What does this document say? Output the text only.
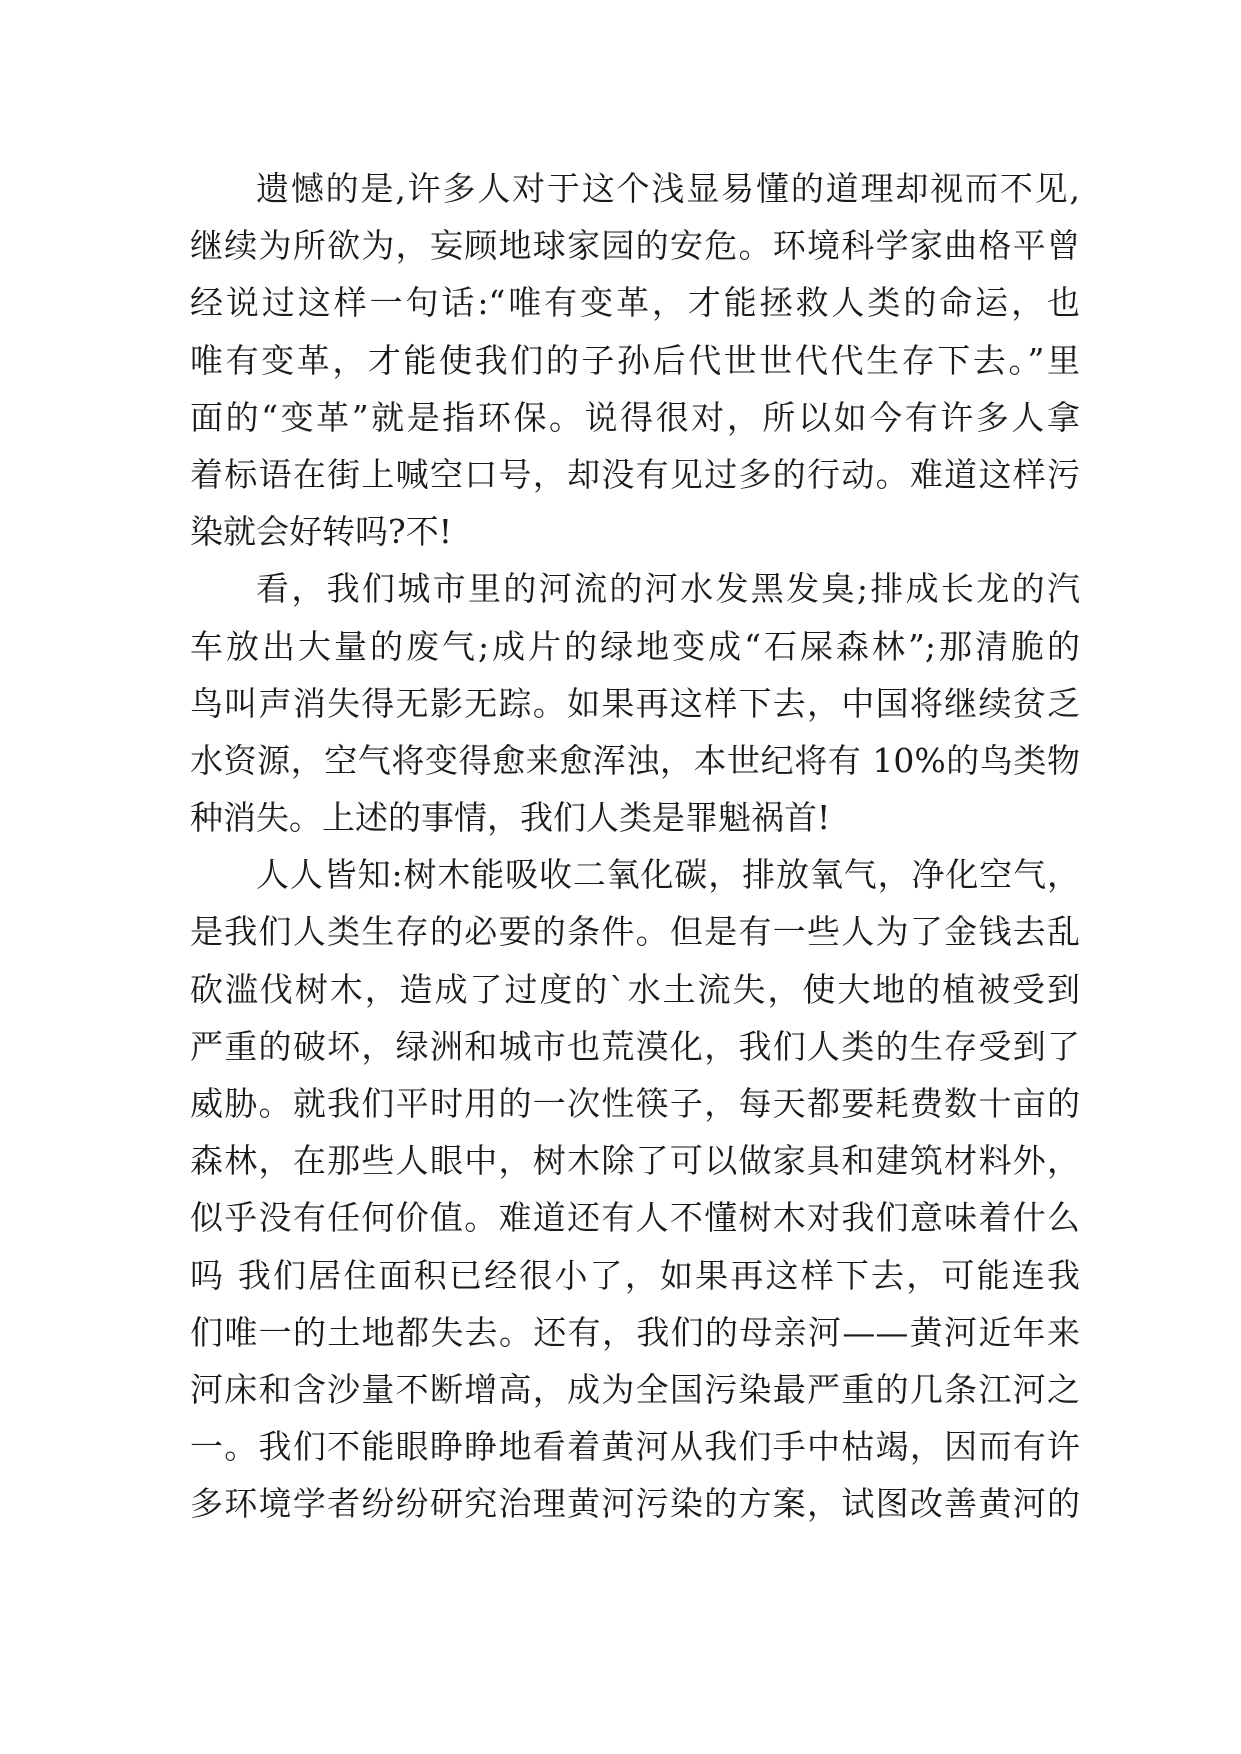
遗憾的是,许多人对于这个浅显易懂的道理却视而不见,
继续为所欲为，妄顾地球家园的安危。环境科学家曲格平曾
经说过这样一句话:“唯有变革，才能拯救人类的命运，也
唯有变革，才能使我们的子孙后代世世代代生存下去。”里
面的“变革”就是指环保。说得很对，所以如今有许多人拿
着标语在街上喊空口号，却没有见过多的行动。难道这样污
染就会好转吗?不!
看，我们城市里的河流的河水发黑发臭;排成长龙的汽
车放出大量的废气;成片的绿地变成“石屎森林”;那清脆的
鸟叫声消失得无影无踪。如果再这样下去，中国将继续贫乏
水资源，空气将变得愈来愈浑浊，本世纪将有 10%的鸟类物
种消失。上述的事情，我们人类是罪魁祸首!
人人皆知:树木能吸收二氧化碳，排放氧气，净化空气，
是我们人类生存的必要的条件。但是有一些人为了金钱去乱
砍滥伐树木，造成了过度的`水土流失，使大地的植被受到
严重的破坏，绿洲和城市也荒漠化，我们人类的生存受到了
威胁。就我们平时用的一次性筷子，每天都要耗费数十亩的
森林，在那些人眼中，树木除了可以做家具和建筑材料外，
似乎没有任何价值。难道还有人不懂树木对我们意味着什么
吗 我们居住面积已经很小了，如果再这样下去，可能连我
们唯一的土地都失去。还有，我们的母亲河——黄河近年来
河床和含沙量不断增高，成为全国污染最严重的几条江河之
一。我们不能眼睁睁地看着黄河从我们手中枯竭，因而有许
多环境学者纷纷研究治理黄河污染的方案，试图改善黄河的
